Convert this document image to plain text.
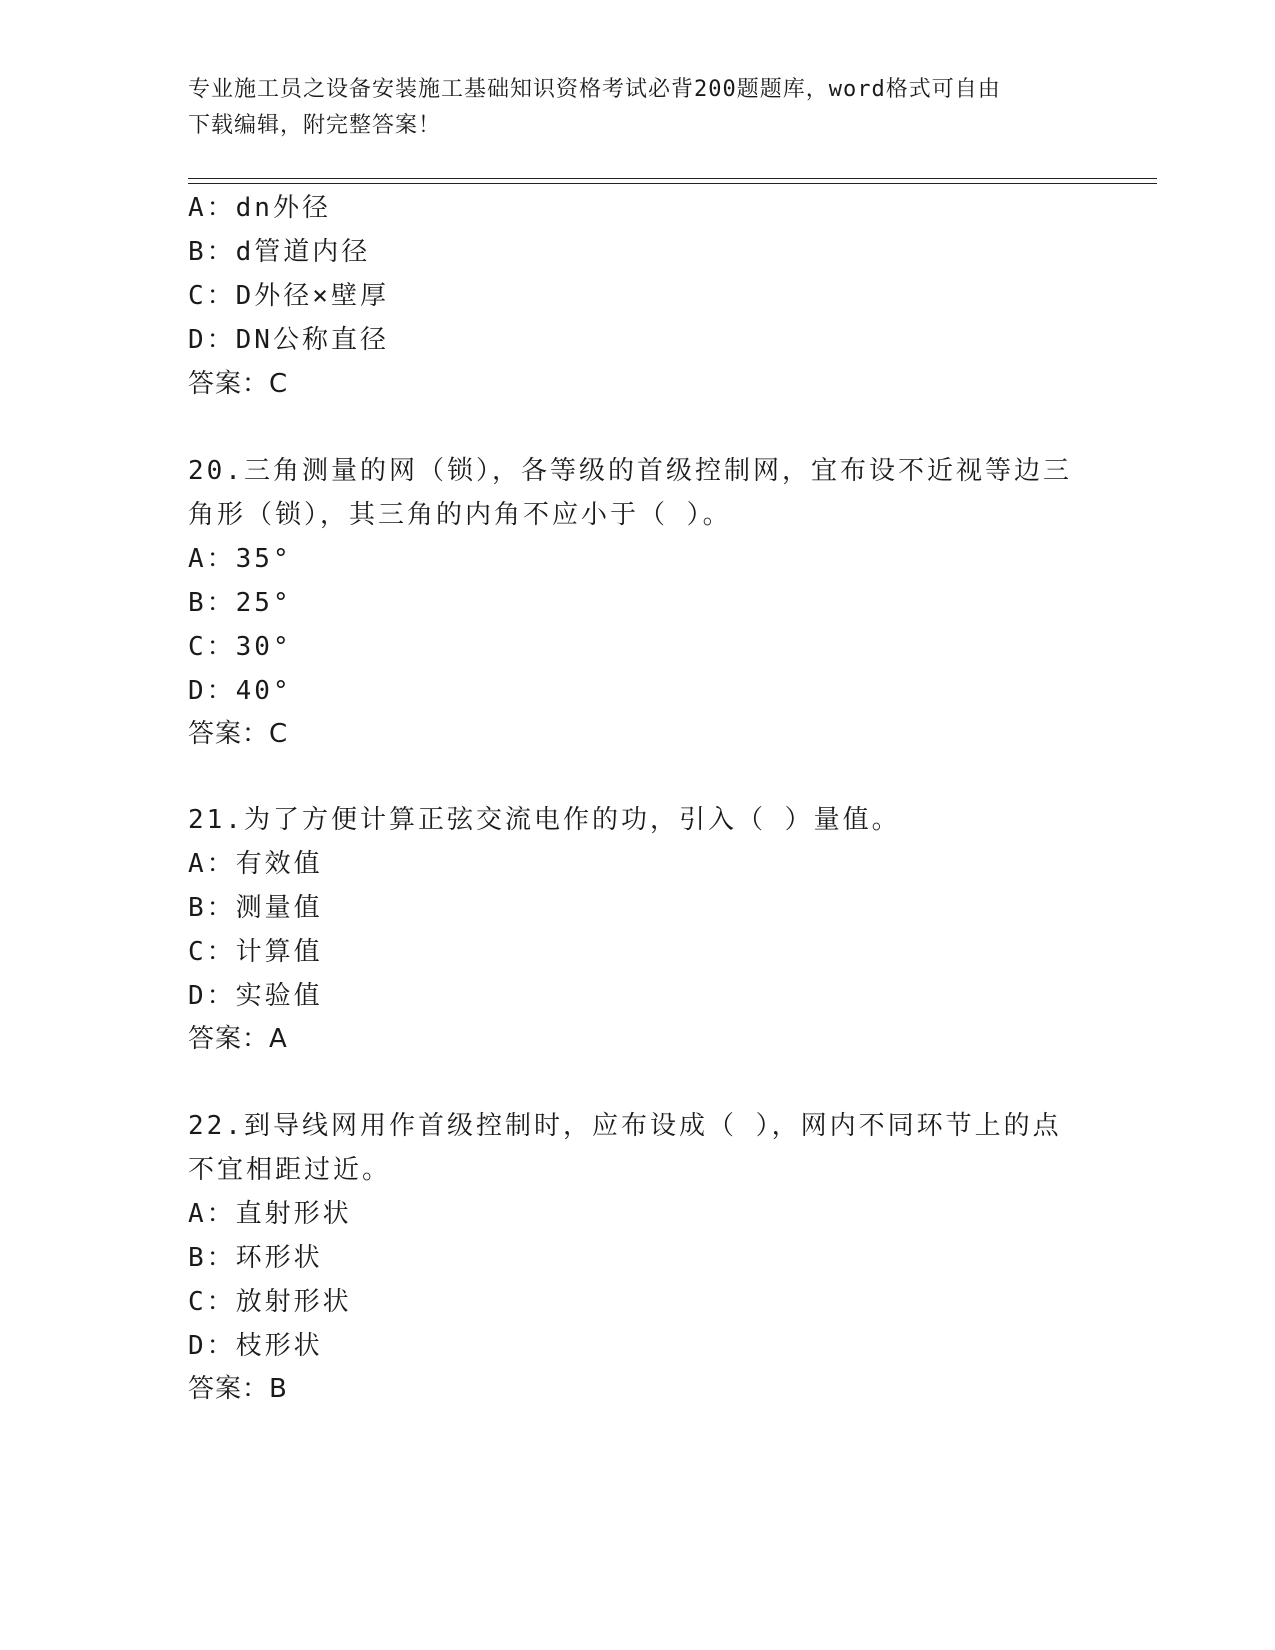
专业施工员之设备安装施工基础知识资格考试必背200题题库，word格式可自由
下载编辑，附完整答案！
A：dn外径
B：d管道内径
C：D外径×壁厚
D：DN公称直径
答案：C
20.三角测量的网（锁），各等级的首级控制网，宜布设不近视等边三
角形（锁），其三角的内角不应小于（ ）。
A：35°
B：25°
C：30°
D：40°
答案：C
21.为了方便计算正弦交流电作的功，引入（ ）量值。
A：有效值
B：测量值
C：计算值
D：实验值
答案：A
22.到导线网用作首级控制时，应布设成（ ），网内不同环节上的点
不宜相距过近。
A：直射形状
B：环形状
C：放射形状
D：枝形状
答案：B
